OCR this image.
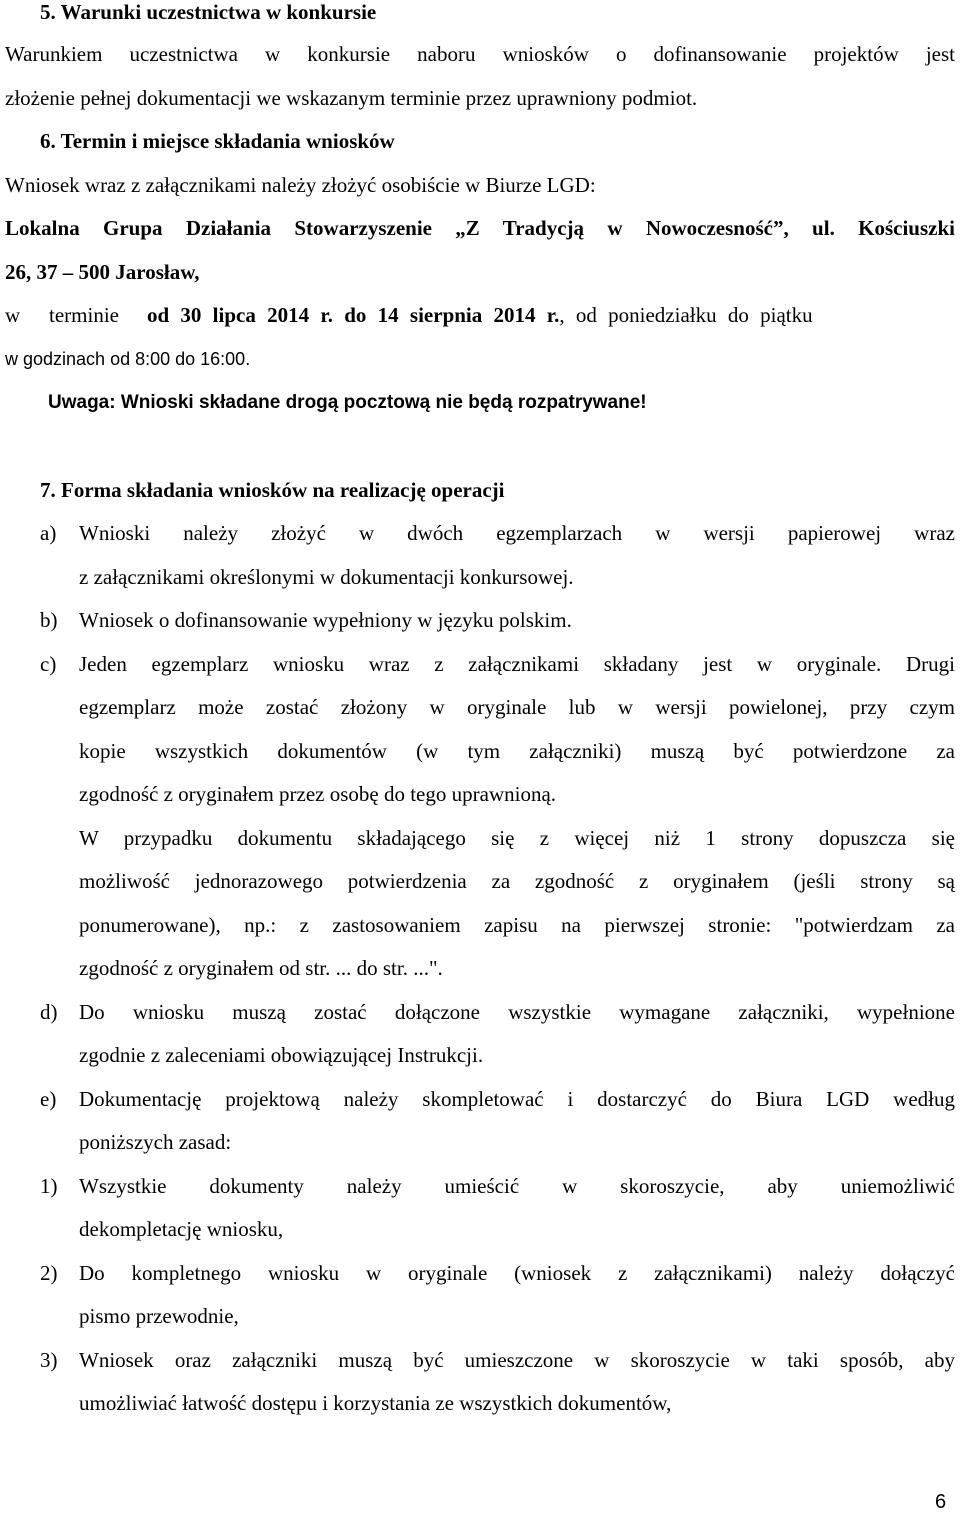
5. Warunki uczestnictwa w konkursie
Warunkiem uczestnictwa w konkursie naboru wniosków o dofinansowanie projektów jest
złożenie pełnej dokumentacji we wskazanym terminie przez uprawniony podmiot.
6. Termin i miejsce składania wniosków
Wniosek wraz z załącznikami należy złożyć osobiście w Biurze LGD:
Lokalna Grupa Działania Stowarzyszenie „Z Tradycją w Nowoczesność”, ul. Kościuszki
26, 37 – 500 Jarosław,
w terminie od 30 lipca 2014 r. do 14 sierpnia 2014 r., od poniedziałku do piątku
w godzinach od 8:00 do 16:00.
Uwaga: Wnioski składane drogą pocztową nie będą rozpatrywane!
7. Forma składania wniosków na realizację operacji
a) Wnioski należy złożyć w dwóch egzemplarzach w wersji papierowej wraz
z załącznikami określonymi w dokumentacji konkursowej.
b) Wniosek o dofinansowanie wypełniony w języku polskim.
c) Jeden egzemplarz wniosku wraz z załącznikami składany jest w oryginale. Drugi
egzemplarz może zostać złożony w oryginale lub w wersji powielonej, przy czym
kopie wszystkich dokumentów (w tym załączniki) muszą być potwierdzone za
zgodność z oryginałem przez osobę do tego uprawnioną.
W przypadku dokumentu składającego się z więcej niż 1 strony dopuszcza się
możliwość jednorazowego potwierdzenia za zgodność z oryginałem (jeśli strony są
ponumerowane), np.: z zastosowaniem zapisu na pierwszej stronie: "potwierdzam za
zgodność z oryginałem od str. ... do str. ...".
d) Do wniosku muszą zostać dołączone wszystkie wymagane załączniki, wypełnione
zgodnie z zaleceniami obowiązującej Instrukcji.
e) Dokumentację projektową należy skompletować i dostarczyć do Biura LGD według
poniższych zasad:
1) Wszystkie dokumenty należy umieścić w skoroszycie, aby uniemożliwić
dekompletację wniosku,
2) Do kompletnego wniosku w oryginale (wniosek z załącznikami) należy dołączyć
pismo przewodnie,
3) Wniosek oraz załączniki muszą być umieszczone w skoroszycie w taki sposób, aby
umożliwiać łatwość dostępu i korzystania ze wszystkich dokumentów,
6
